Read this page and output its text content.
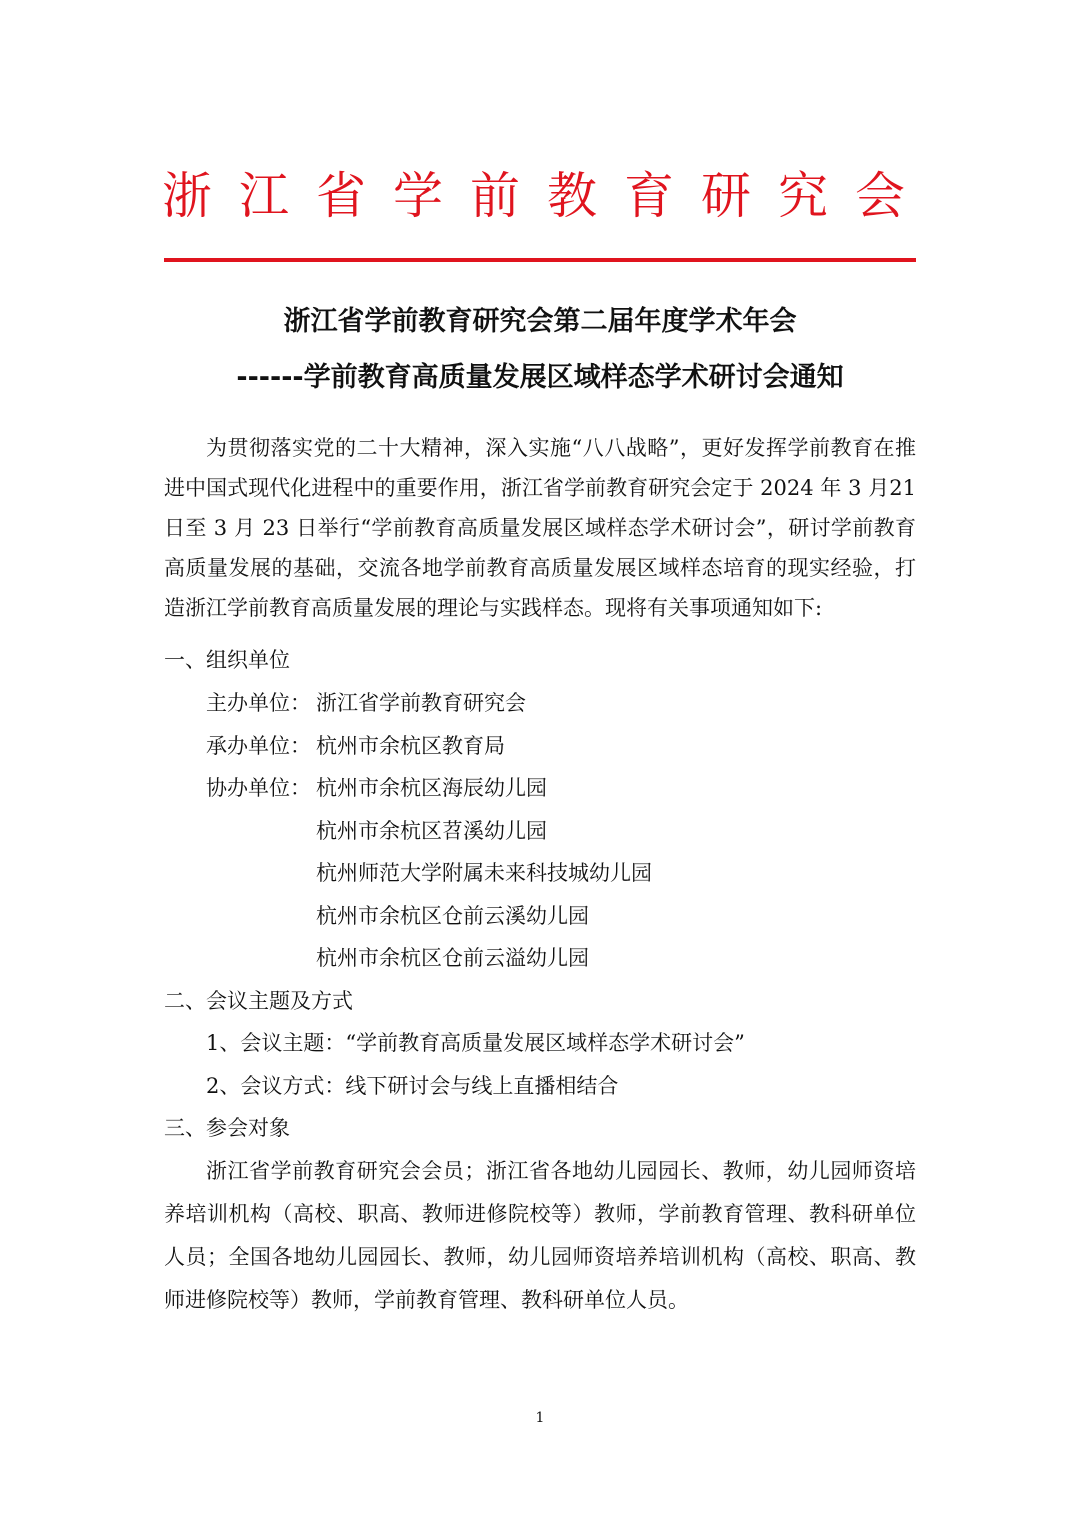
浙江省学前教育研究会
浙江省学前教育研究会第二届年度学术年会
------学前教育高质量发展区域样态学术研讨会通知

为贯彻落实党的二十大精神，深入实施“八八战略”，更好发挥学前教育在推进中国式现代化进程中的重要作用，浙江省学前教育研究会定于 2024 年 3 月21 日至 3 月 23 日举行“学前教育高质量发展区域样态学术研讨会”，研讨学前教育高质量发展的基础，交流各地学前教育高质量发展区域样态培育的现实经验，打造浙江学前教育高质量发展的理论与实践样态。现将有关事项通知如下:

一、组织单位
主办单位： 浙江省学前教育研究会
承办单位： 杭州市余杭区教育局
协办单位： 杭州市余杭区海辰幼儿园
杭州市余杭区苕溪幼儿园
杭州师范大学附属未来科技城幼儿园
杭州市余杭区仓前云溪幼儿园
杭州市余杭区仓前云溢幼儿园
二、会议主题及方式
1、会议主题：“学前教育高质量发展区域样态学术研讨会”
2、会议方式：线下研讨会与线上直播相结合
三、参会对象

浙江省学前教育研究会会员；浙江省各地幼儿园园长、教师，幼儿园师资培养培训机构（高校、职高、教师进修院校等）教师，学前教育管理、教科研单位人员；全国各地幼儿园园长、教师，幼儿园师资培养培训机构（高校、职高、教师进修院校等）教师，学前教育管理、教科研单位人员。

1
